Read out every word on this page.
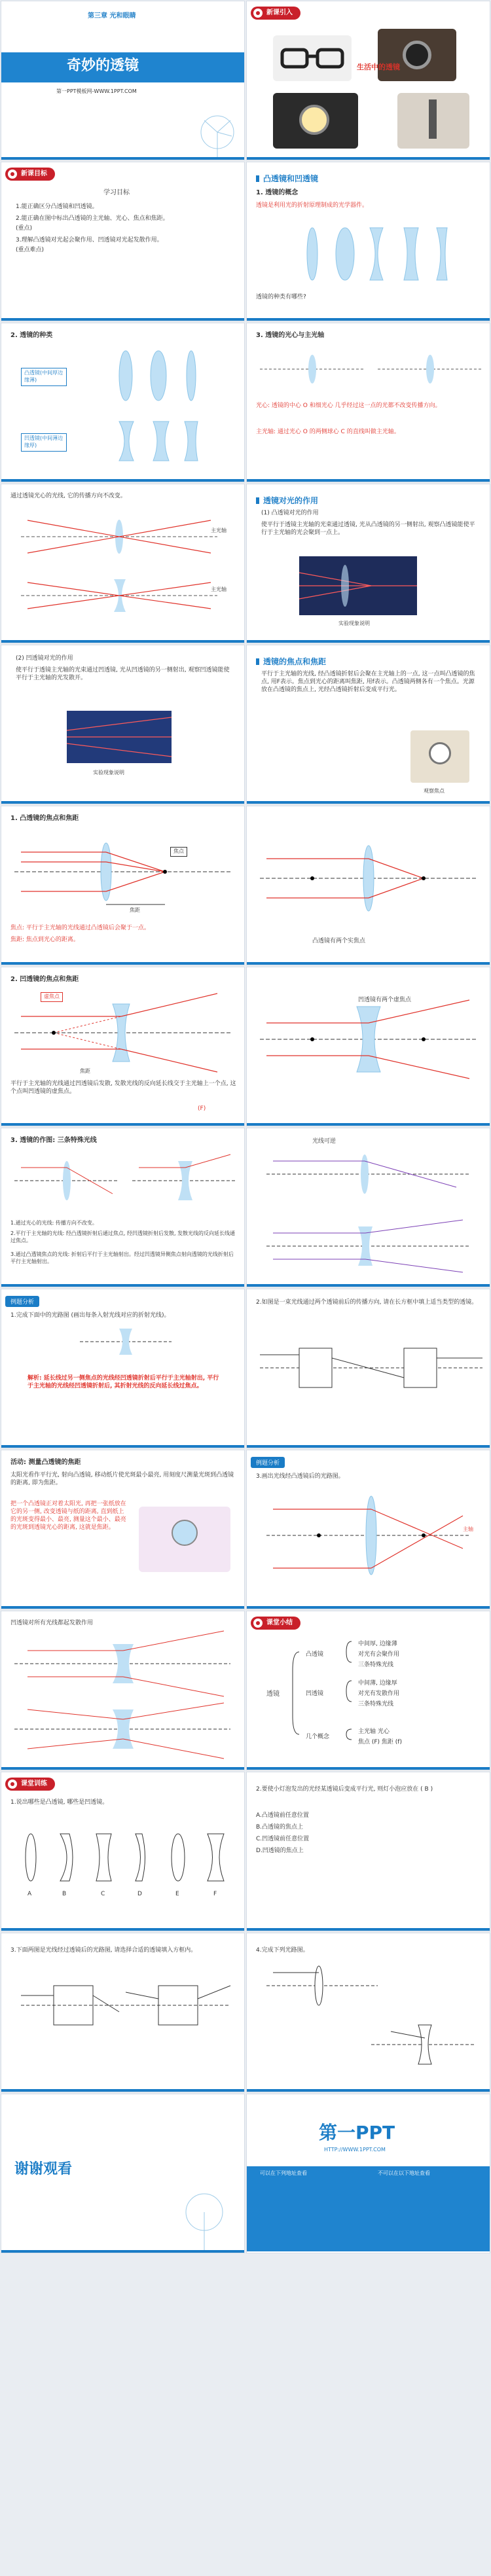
第三章 光和眼睛
奇妙的透镜
第一PPT模板网-WWW.1PPT.COM
新课引入
生活中的透镜
新课目标
学习目标
1.能正确区分凸透镜和凹透镜。
2.能正确在图中标出凸透镜的主光轴、光心、焦点和焦距。
(重点)
3.理解凸透镜对光起会聚作用、凹透镜对光起发散作用。
(重点难点)
凸透镜和凹透镜
1. 透镜的概念
透镜是利用光的折射原理制成的光学器件。
透镜的种类有哪些?
2. 透镜的种类
凸透镜(中间厚边缘薄)
凹透镜(中间薄边缘厚)
3. 透镜的光心与主光轴
光心: 透镜的中心 O 和细光心 几乎经过这一点的光都不改变传播方向。
主光轴: 通过光心 O 的两侧球心 C 的直线叫做主光轴。
通过透镜光心的光线, 它的传播方向不改变。
主光轴
主光轴
透镜对光的作用
(1) 凸透镜对光的作用
使平行于透镜主光轴的光束通过透镜, 光从凸透镜的另一侧射出, 观察凸透镜能使平行于主光轴的光会聚到一点上。
实验现象说明
(2) 凹透镜对光的作用
使平行于透镜主光轴的光束通过凹透镜, 光从凹透镜的另一侧射出, 观察凹透镜能使平行于主光轴的光发散开。
实验现象说明
透镜的焦点和焦距
平行于主光轴的光线, 经凸透镜折射后会聚在主光轴上的一点, 这一点叫凸透镜的焦点, 用F表示。焦点到光心的距离叫焦距, 用f表示。凸透镜两侧各有一个焦点。光源放在凸透镜的焦点上, 光经凸透镜折射后变成平行光。
观察焦点
1. 凸透镜的焦点和焦距
焦点
焦距
焦点: 平行于主光轴的光线通过凸透镜后会聚于一点。
焦距: 焦点到光心的距离。	凸透镜有两个实焦点
2. 凹透镜的焦点和焦距
虚焦点
焦距
平行于主光轴的光线通过凹透镜后发散, 发散光线的反向延长线交于主光轴上一个点, 这个点叫凹透镜的虚焦点。
(F)
凹透镜有两个虚焦点
3. 透镜的作图: 三条特殊光线
1.通过光心的光线: 传播方向不改变。
2.平行于主光轴的光线: 经凸透镜折射后通过焦点, 经凹透镜折射后发散, 发散光线的反向延长线通过焦点。
3.通过凸透镜焦点的光线: 折射后平行于主光轴射出。经过凹透镜异侧焦点射向透镜的光线折射后平行主光轴射出。
光线可逆
例题分析
1.完成下面中的光路图 (画出每条入射光线对应的折射光线)。
解析: 延长线过另一侧焦点的光线经凹透镜折射后平行于主光轴射出, 平行于主光轴的光线经凹透镜折射后, 其折射光线的反向延长线过焦点。
2.如图是一束光线通过两个透镜前后的传播方向, 请在长方框中填上适当类型的透镜。
活动: 测量凸透镜的焦距
太阳光看作平行光, 射向凸透镜, 移动纸片使光斑最小最亮, 用刻度尺测量光斑到凸透镜的距离, 即为焦距。
把一个凸透镜正对着太阳光, 再把一张纸放在它的另一侧, 改变透镜与纸的距离, 直到纸上的光斑变得最小、最亮, 测量这个最小、最亮的光斑到透镜光心的距离, 这就是焦距。
例题分析
3.画出光线经凸透镜后的光路图。
主轴
凹透镜对所有光线都起发散作用	课堂小结
透镜
凸透镜
凹透镜
几个概念
中间厚, 边缘薄
对光有会聚作用
三条特殊光线
中间薄, 边缘厚
对光有发散作用
三条特殊光线
主光轴 光心
焦点 (F) 焦距 (f)
课堂训练
1.说出哪些是凸透镜, 哪些是凹透镜。
A	B	C	D	E	F
2.要使小灯泡发出的光经某透镜后变成平行光, 则灯小泡应放在 ( B )
A.凸透镜前任意位置
B.凸透镜的焦点上
C.凹透镜前任意位置
D.凹透镜的焦点上
3.下面两图是光线经过透镜后的光路图, 请选择合适的透镜填入方框内。	4.完成下列光路图。
谢谢观看
第一PPT
HTTP://WWW.1PPT.COM
可以在下列地址查看	不可以在以下地址查看
